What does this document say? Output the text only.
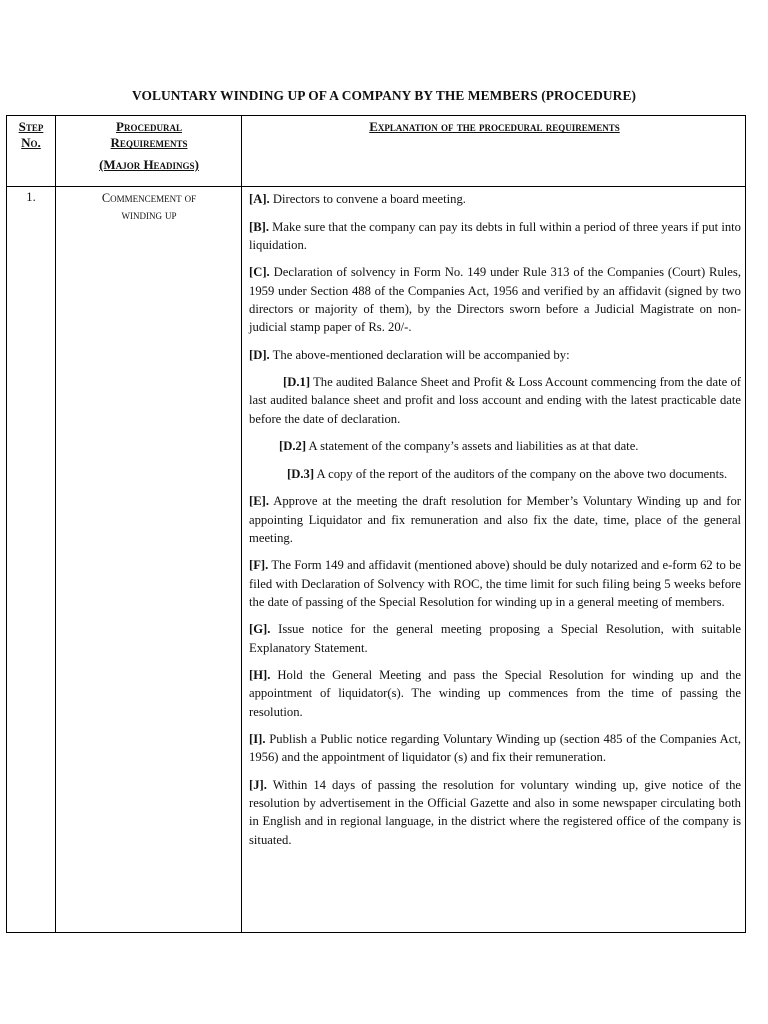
VOLUNTARY WINDING UP OF A COMPANY BY THE MEMBERS (PROCEDURE)
Step
No.
Procedural
Requirements
(Major Headings)
Explanation of the procedural requirements
1.	Commencement of
winding up

[A]. Directors to convene a board meeting.

[B]. Make sure that the company can pay its debts in full within a period of three years if put into liquidation.

[C]. Declaration of solvency in Form No. 149 under Rule 313 of the Companies (Court) Rules, 1959 under Section 488 of the Companies Act, 1956 and verified by an affidavit (signed by two directors or majority of them), by the Directors sworn before a Judicial Magistrate on non-judicial stamp paper of Rs. 20/-.

[D]. The above-mentioned declaration will be accompanied by:

[D.1] The audited Balance Sheet and Profit & Loss Account commencing from the date of last audited balance sheet and profit and loss account and ending with the latest practicable date before the date of declaration.

[D.2] A statement of the company’s assets and liabilities as at that date.

[D.3] A copy of the report of the auditors of the company on the above two documents.

[E]. Approve at the meeting the draft resolution for Member’s Voluntary Winding up and for appointing Liquidator and fix remuneration and also fix the date, time, place of the general meeting.

[F]. The Form 149 and affidavit (mentioned above) should be duly notarized and e-form 62 to be filed with Declaration of Solvency with ROC, the time limit for such filing being 5 weeks before the date of passing of the Special Resolution for winding up in a general meeting of members.

[G]. Issue notice for the general meeting proposing a Special Resolution, with suitable Explanatory Statement.

[H]. Hold the General Meeting and pass the Special Resolution for winding up and the appointment of liquidator(s). The winding up commences from the time of passing the resolution.

[I]. Publish a Public notice regarding Voluntary Winding up (section 485 of the Companies Act, 1956) and the appointment of liquidator (s) and fix their remuneration.

[J]. Within 14 days of passing the resolution for voluntary winding up, give notice of the resolution by advertisement in the Official Gazette and also in some newspaper circulating both in English and in regional language, in the district where the registered office of the company is situated.
